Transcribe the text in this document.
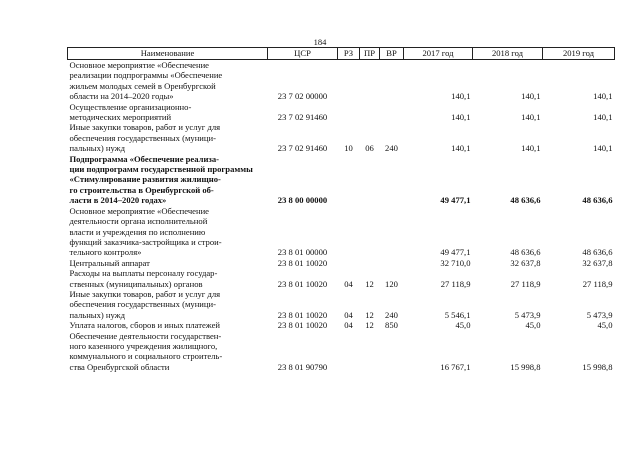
184
Наименование	ЦСР	РЗ	ПР	ВР	2017 год	2018 год	2019 год

Основное мероприятие «Обеспечение
реализации подпрограммы «Обеспечение
жильем молодых семей в Оренбургской
области на 2014–2020 годы»	23 7 02 00000				140,1	140,1	140,1

Осуществление организационно-
методических мероприятий	23 7 02 91460				140,1	140,1	140,1

Иные закупки товаров, работ и услуг для
обеспечения государственных (муници-
пальных) нужд	23 7 02 91460	10	06	240	140,1	140,1	140,1

Подпрограмма «Обеспечение реализа-
ции подпрограмм государственной программы
«Стимулирование развития жилищно-
го строительства в Оренбургской об-
ласти в 2014–2020 годах»	23 8 00 00000				49 477,1	48 636,6	48 636,6

Основное мероприятие «Обеспечение
деятельности органа исполнительной
власти и учреждения по исполнению
функций заказчика-застройщика и строи-
тельного контроля»	23 8 01 00000				49 477,1	48 636,6	48 636,6

Центральный аппарат	23 8 01 10020				32 710,0	32 637,8	32 637,8

Расходы на выплаты персоналу государ-
ственных (муниципальных) органов	23 8 01 10020	04	12	120	27 118,9	27 118,9	27 118,9

Иные закупки товаров, работ и услуг для
обеспечения государственных (муници-
пальных) нужд	23 8 01 10020	04	12	240	5 546,1	5 473,9	5 473,9

Уплата налогов, сборов и иных платежей	23 8 01 10020	04	12	850	45,0	45,0	45,0

Обеспечение деятельности государствен-
ного казенного учреждения жилищного,
коммунального и социального строитель-
ства Оренбургской области	23 8 01 90790				16 767,1	15 998,8	15 998,8
